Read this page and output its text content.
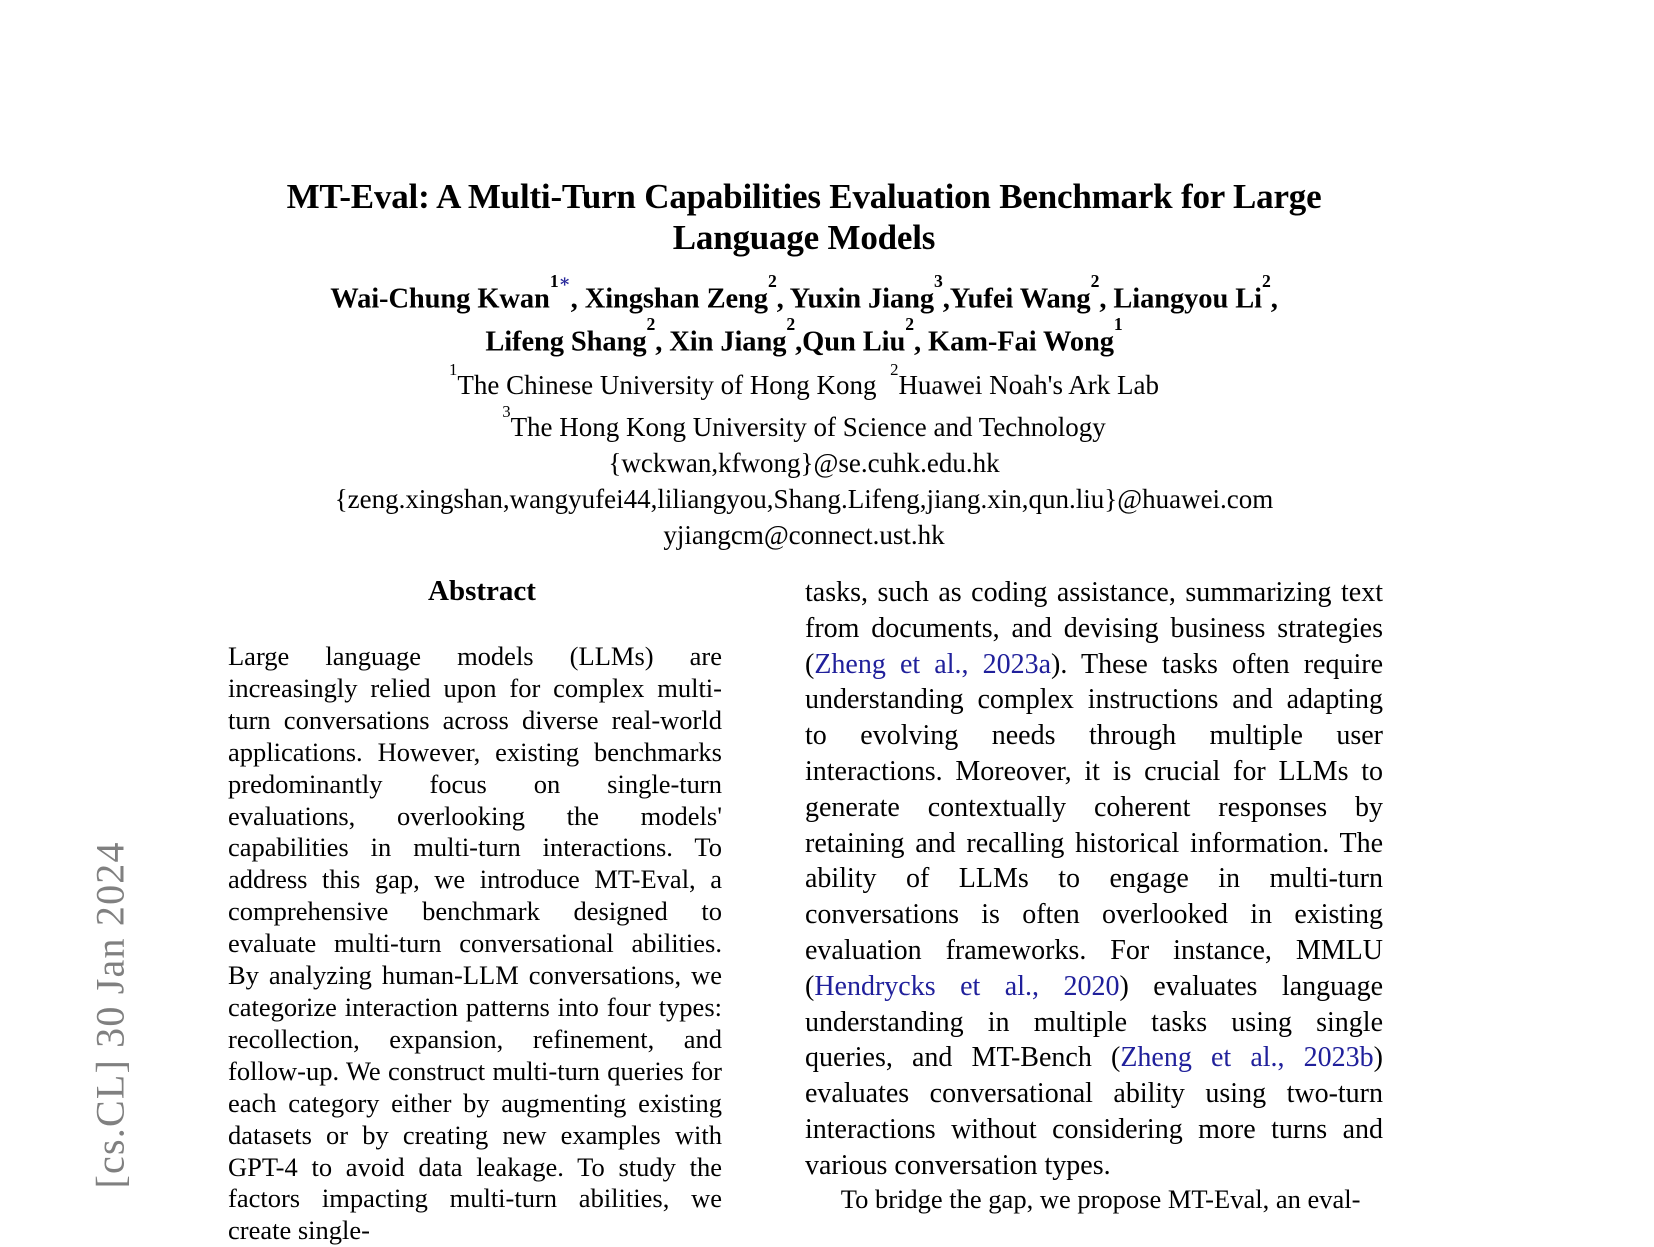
[cs.CL] 30 Jan 2024
MT-Eval: A Multi-Turn Capabilities Evaluation Benchmark for Large Language Models
Wai-Chung Kwan$^{1∗}$, Xingshan Zeng$^2$, Yuxin Jiang$^3$,Yufei Wang$^2$, Liangyou Li$^2$,
Lifeng Shang$^2$, Xin Jiang$^2$,Qun Liu$^2$, Kam-Fai Wong$^1$
$^1$The Chinese University of Hong Kong  $^2$Huawei Noah's Ark Lab
$^3$The Hong Kong University of Science and Technology
{wckwan,kfwong}@se.cuhk.edu.hk
{zeng.xingshan,wangyufei44,liliangyou,Shang.Lifeng,jiang.xin,qun.liu}@huawei.com
yjiangcm@connect.ust.hk
Abstract

Large language models (LLMs) are increasingly relied upon for complex multi-turn conversations across diverse real-world applications. However, existing benchmarks predominantly focus on single-turn evaluations, overlooking the models' capabilities in multi-turn interactions. To address this gap, we introduce MT-Eval, a comprehensive benchmark designed to evaluate multi-turn conversational abilities. By analyzing human-LLM conversations, we categorize interaction patterns into four types: recollection, expansion, refinement, and follow-up. We construct multi-turn queries for each category either by augmenting existing datasets or by creating new examples with GPT-4 to avoid data leakage. To study the factors impacting multi-turn abilities, we create single-

tasks, such as coding assistance, summarizing text from documents, and devising business strategies (Zheng et al., 2023a). These tasks often require understanding complex instructions and adapting to evolving needs through multiple user interactions. Moreover, it is crucial for LLMs to generate contextually coherent responses by retaining and recalling historical information. The ability of LLMs to engage in multi-turn conversations is often overlooked in existing evaluation frameworks. For instance, MMLU (Hendrycks et al., 2020) evaluates language understanding in multiple tasks using single queries, and MT-Bench (Zheng et al., 2023b) evaluates conversational ability using two-turn interactions without considering more turns and various conversation types.

To bridge the gap, we propose MT-Eval, an eval-
